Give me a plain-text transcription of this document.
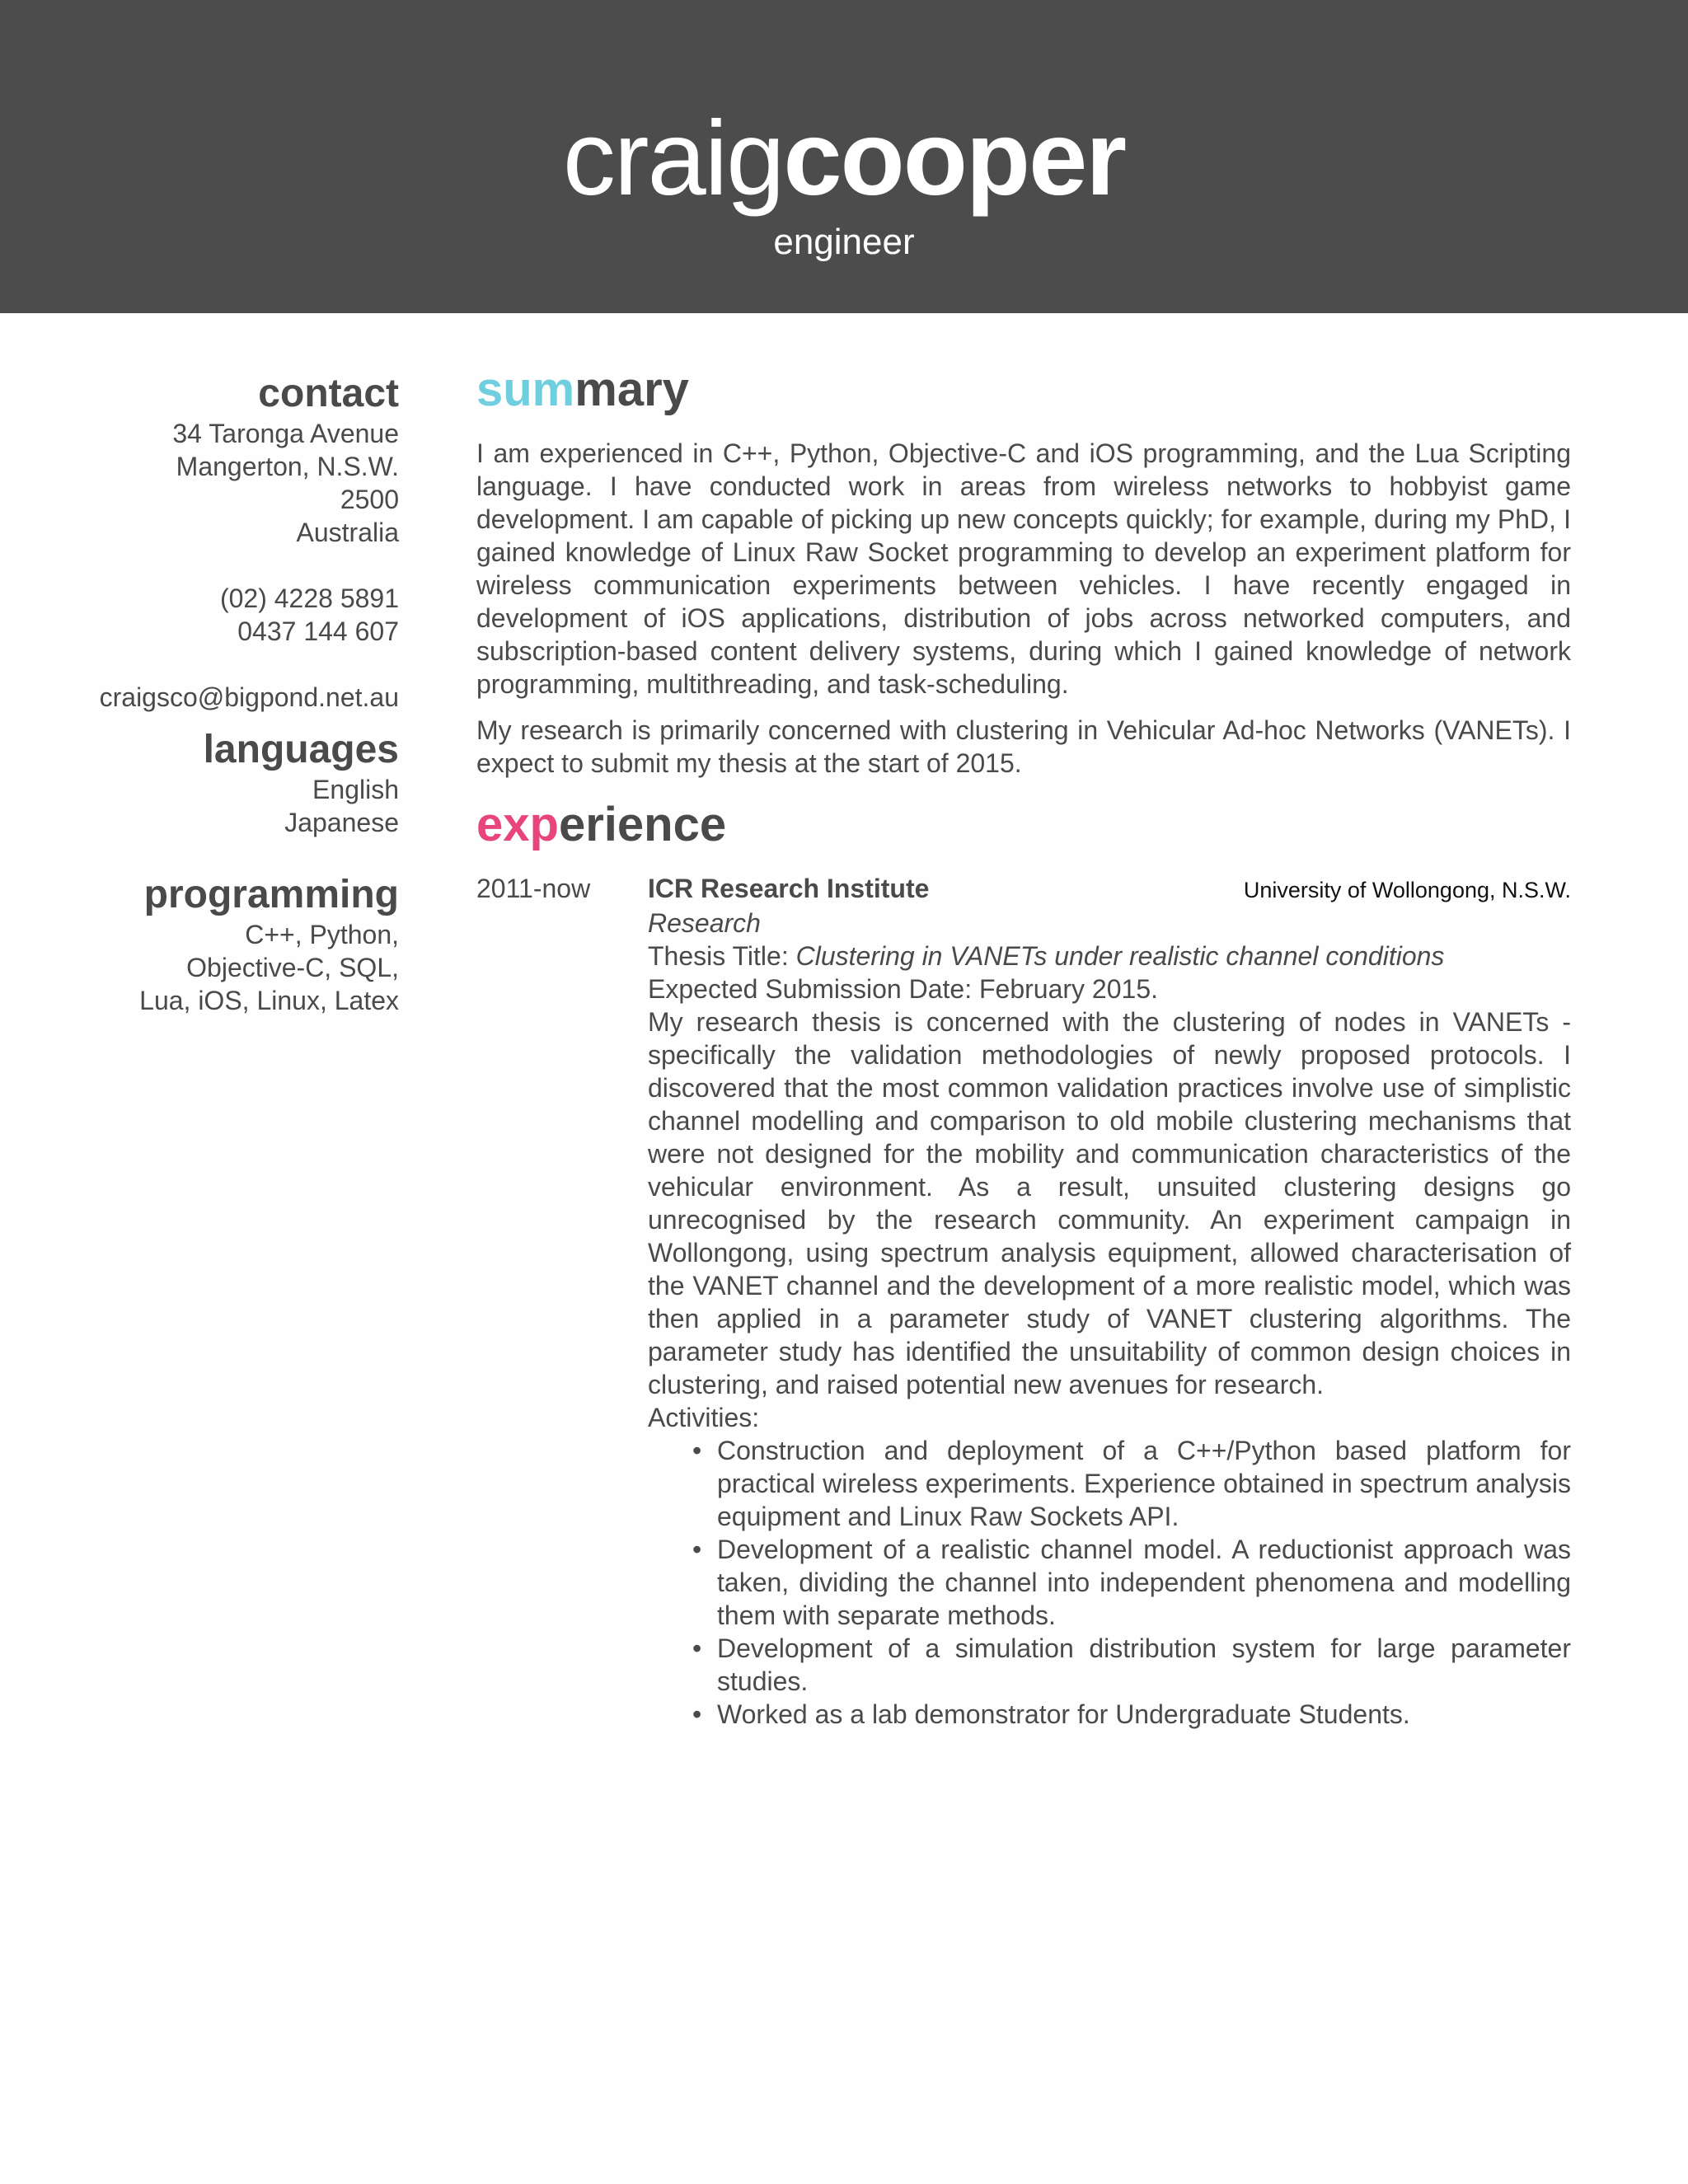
craigcooper
engineer
contact
34 Taronga Avenue
Mangerton, N.S.W.
2500
Australia
(02) 4228 5891
0437 144 607
craigsco@bigpond.net.au
languages
English
Japanese
programming
C++, Python,
Objective-C, SQL,
Lua, iOS, Linux, Latex
summary

I am experienced in C++, Python, Objective-C and iOS programming, and the Lua Scripting language. I have conducted work in areas from wireless networks to hobbyist game development. I am capable of picking up new concepts quickly; for example, during my PhD, I gained knowledge of Linux Raw Socket programming to develop an experiment platform for wireless communication experiments between vehicles. I have recently engaged in development of iOS applications, distribution of jobs across networked computers, and subscription-based content delivery systems, during which I gained knowledge of network programming, multithreading, and task-scheduling.

My research is primarily concerned with clustering in Vehicular Ad-hoc Networks (VANETs). I expect to submit my thesis at the start of 2015.

experience
2011-now	ICR Research Institute	University of Wollongong, N.S.W.
Research
Thesis Title: Clustering in VANETs under realistic channel conditions
Expected Submission Date: February 2015.
My research thesis is concerned with the clustering of nodes in VANETs - specifically the validation methodologies of newly proposed protocols. I discovered that the most common validation practices involve use of simplistic channel modelling and comparison to old mobile clustering mechanisms that were not designed for the mobility and communication characteristics of the vehicular environment. As a result, unsuited clustering designs go unrecognised by the research community. An experiment campaign in Wollongong, using spectrum analysis equipment, allowed characterisation of the VANET channel and the development of a more realistic model, which was then applied in a parameter study of VANET clustering algorithms. The parameter study has identified the unsuitability of common design choices in clustering, and raised potential new avenues for research.
Activities:
• Construction and deployment of a C++/Python based platform for practical wireless experiments. Experience obtained in spectrum analysis equipment and Linux Raw Sockets API.
• Development of a realistic channel model. A reductionist approach was taken, dividing the channel into independent phenomena and modelling them with separate methods.
• Development of a simulation distribution system for large parameter studies.
• Worked as a lab demonstrator for Undergraduate Students.
